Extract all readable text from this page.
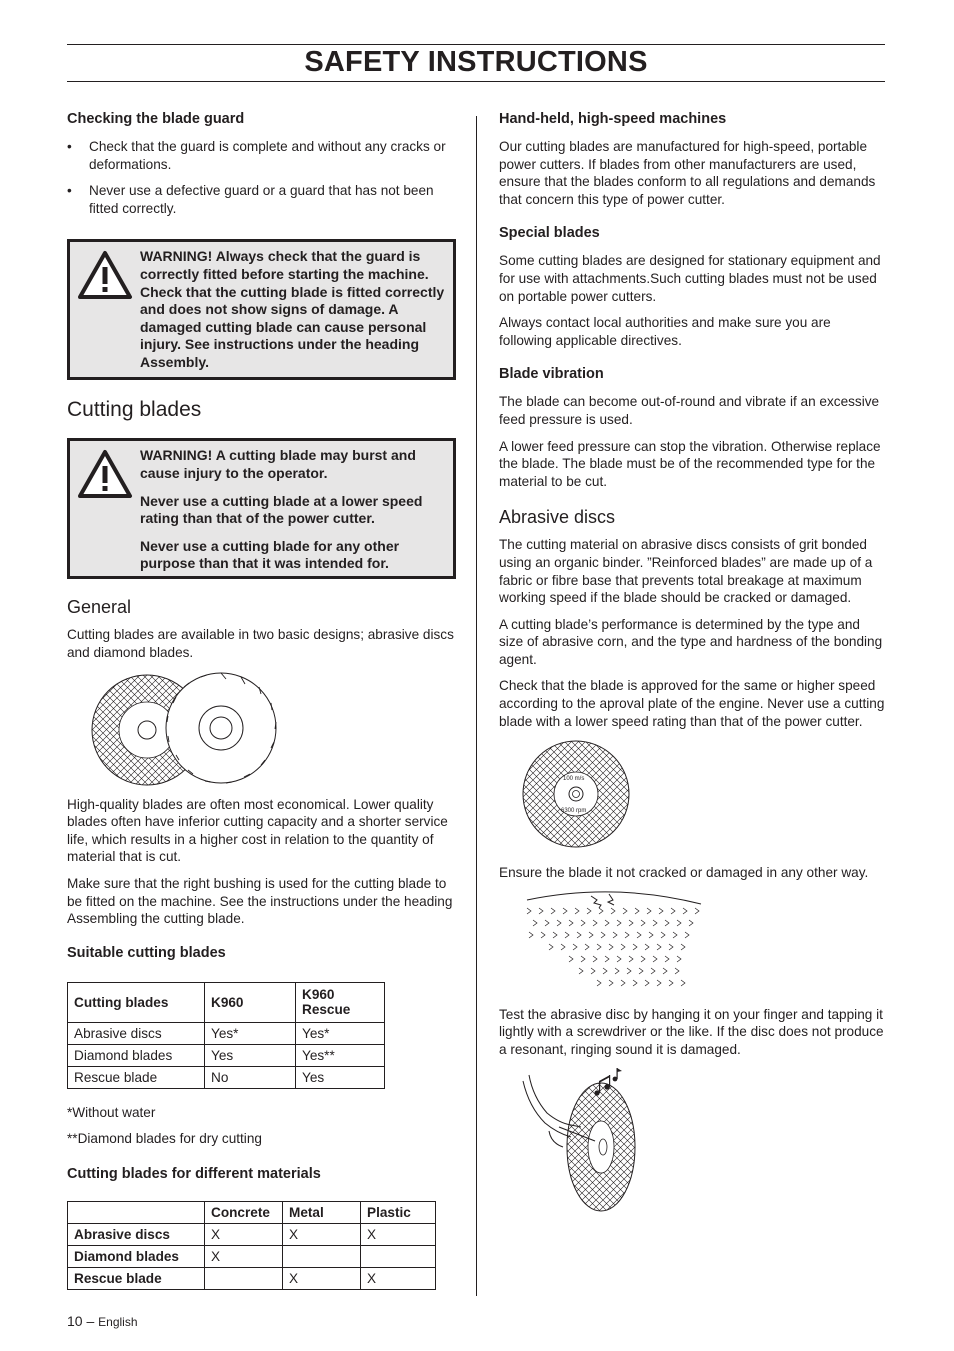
SAFETY INSTRUCTIONS
Checking the blade guard
• Check that the guard is complete and without any cracks or deformations.
• Never use a defective guard or a guard that has not been fitted correctly.

WARNING! Always check that the guard is correctly fitted before starting the machine. Check that the cutting blade is fitted correctly and does not show signs of damage. A damaged cutting blade can cause personal injury. See instructions under the heading Assembly.

Cutting blades

WARNING! A cutting blade may burst and cause injury to the operator.

Never use a cutting blade at a lower speed rating than that of the power cutter.

Never use a cutting blade for any other purpose than that it was intended for.

General

Cutting blades are available in two basic designs; abrasive discs and diamond blades.

High-quality blades are often most economical. Lower quality blades often have inferior cutting capacity and a shorter service life, which results in a higher cost in relation to the quantity of material that is cut.

Make sure that the right bushing is used for the cutting blade to be fitted on the machine. See the instructions under the heading Assembling the cutting blade.

Suitable cutting blades
Cutting blades	K960	K960 Rescue
Abrasive discs	Yes*	Yes*
Diamond blades	Yes	Yes**
Rescue blade	No	Yes

*Without water

**Diamond blades for dry cutting

Cutting blades for different materials
	Concrete	Metal	Plastic
Abrasive discs	X	X	X
Diamond blades	X		
Rescue blade		X	X
Hand-held, high-speed machines

Our cutting blades are manufactured for high-speed, portable power cutters. If blades from other manufacturers are used, ensure that the blades conform to all regulations and demands that concern this type of power cutter.

Special blades

Some cutting blades are designed for stationary equipment and for use with attachments.Such cutting blades must not be used on portable power cutters.

Always contact local authorities and make sure you are following applicable directives.

Blade vibration

The blade can become out-of-round and vibrate if an excessive feed pressure is used.

A lower feed pressure can stop the vibration. Otherwise replace the blade. The blade must be of the recommended type for the material to be cut.

Abrasive discs

The cutting material on abrasive discs consists of grit bonded using an organic binder. ”Reinforced blades” are made up of a fabric or fibre base that prevents total breakage at maximum working speed if the blade should be cracked or damaged.

A cutting blade’s performance is determined by the type and size of abrasive corn, and the type and hardness of the bonding agent.

Check that the blade is approved for the same or higher speed according to the aproval plate of the engine. Never use a cutting blade with a lower speed rating than that of the power cutter.

100 m/s
6300 rpm

Ensure the blade it not cracked or damaged in any other way.

Test the abrasive disc by hanging it on your finger and tapping it lightly with a screwdriver or the like. If the disc does not produce a resonant, ringing sound it is damaged.

10 – English
